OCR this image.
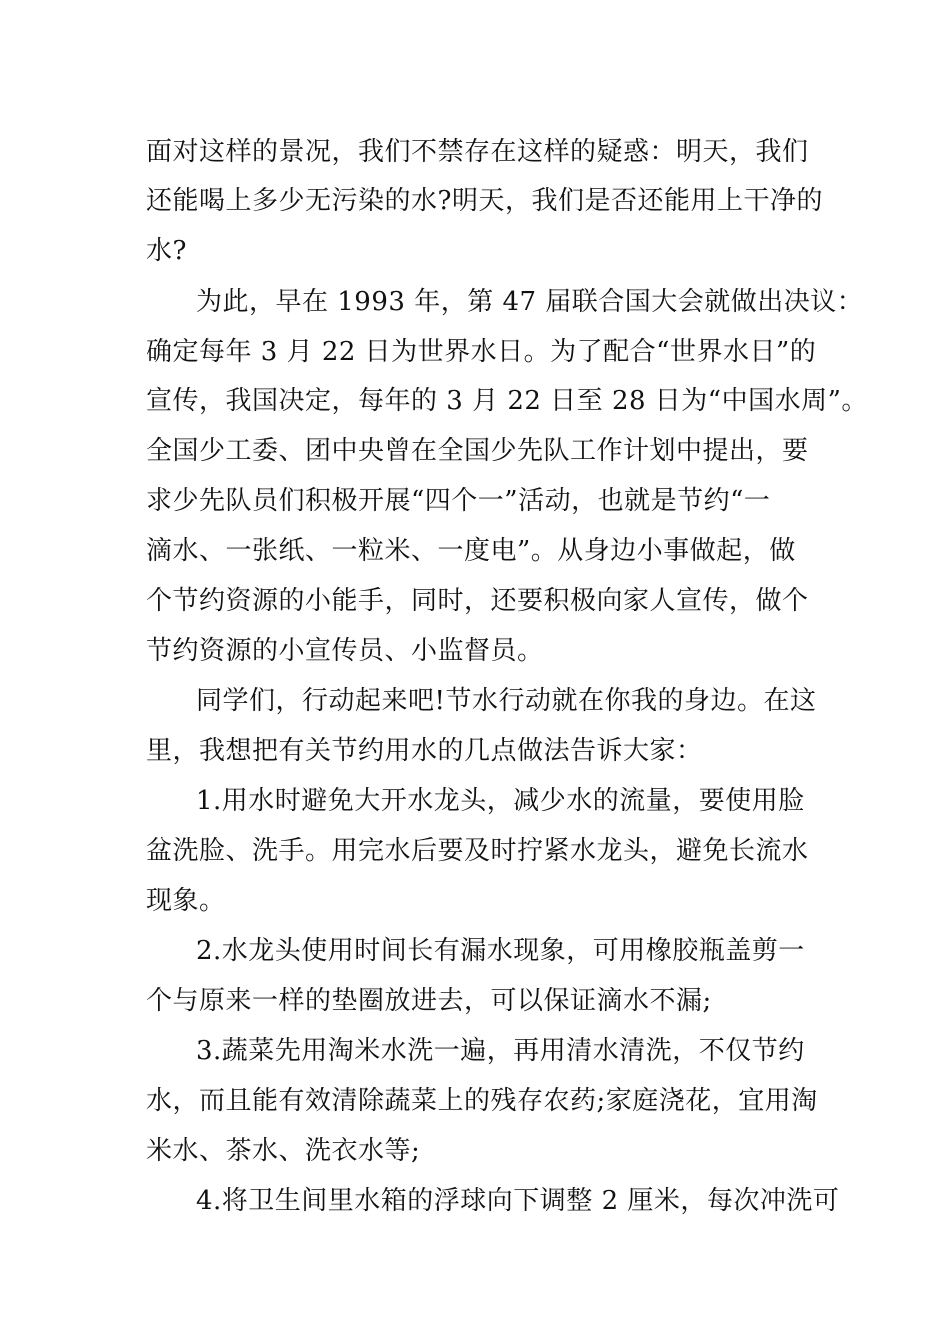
面对这样的景况，我们不禁存在这样的疑惑：明天，我们
还能喝上多少无污染的水?明天，我们是否还能用上干净的
水?
为此，早在 1993 年，第 47 届联合国大会就做出决议：
确定每年 3 月 22 日为世界水日。为了配合“世界水日”的
宣传，我国决定，每年的 3 月 22 日至 28 日为“中国水周”。
全国少工委、团中央曾在全国少先队工作计划中提出，要
求少先队员们积极开展“四个一”活动，也就是节约“一
滴水、一张纸、一粒米、一度电”。从身边小事做起，做
个节约资源的小能手，同时，还要积极向家人宣传，做个
节约资源的小宣传员、小监督员。
同学们，行动起来吧!节水行动就在你我的身边。在这
里，我想把有关节约用水的几点做法告诉大家：
1.用水时避免大开水龙头，减少水的流量，要使用脸
盆洗脸、洗手。用完水后要及时拧紧水龙头，避免长流水
现象。
2.水龙头使用时间长有漏水现象，可用橡胶瓶盖剪一
个与原来一样的垫圈放进去，可以保证滴水不漏;
3.蔬菜先用淘米水洗一遍，再用清水清洗，不仅节约
水，而且能有效清除蔬菜上的残存农药;家庭浇花，宜用淘
米水、茶水、洗衣水等;
4.将卫生间里水箱的浮球向下调整 2 厘米，每次冲洗可
